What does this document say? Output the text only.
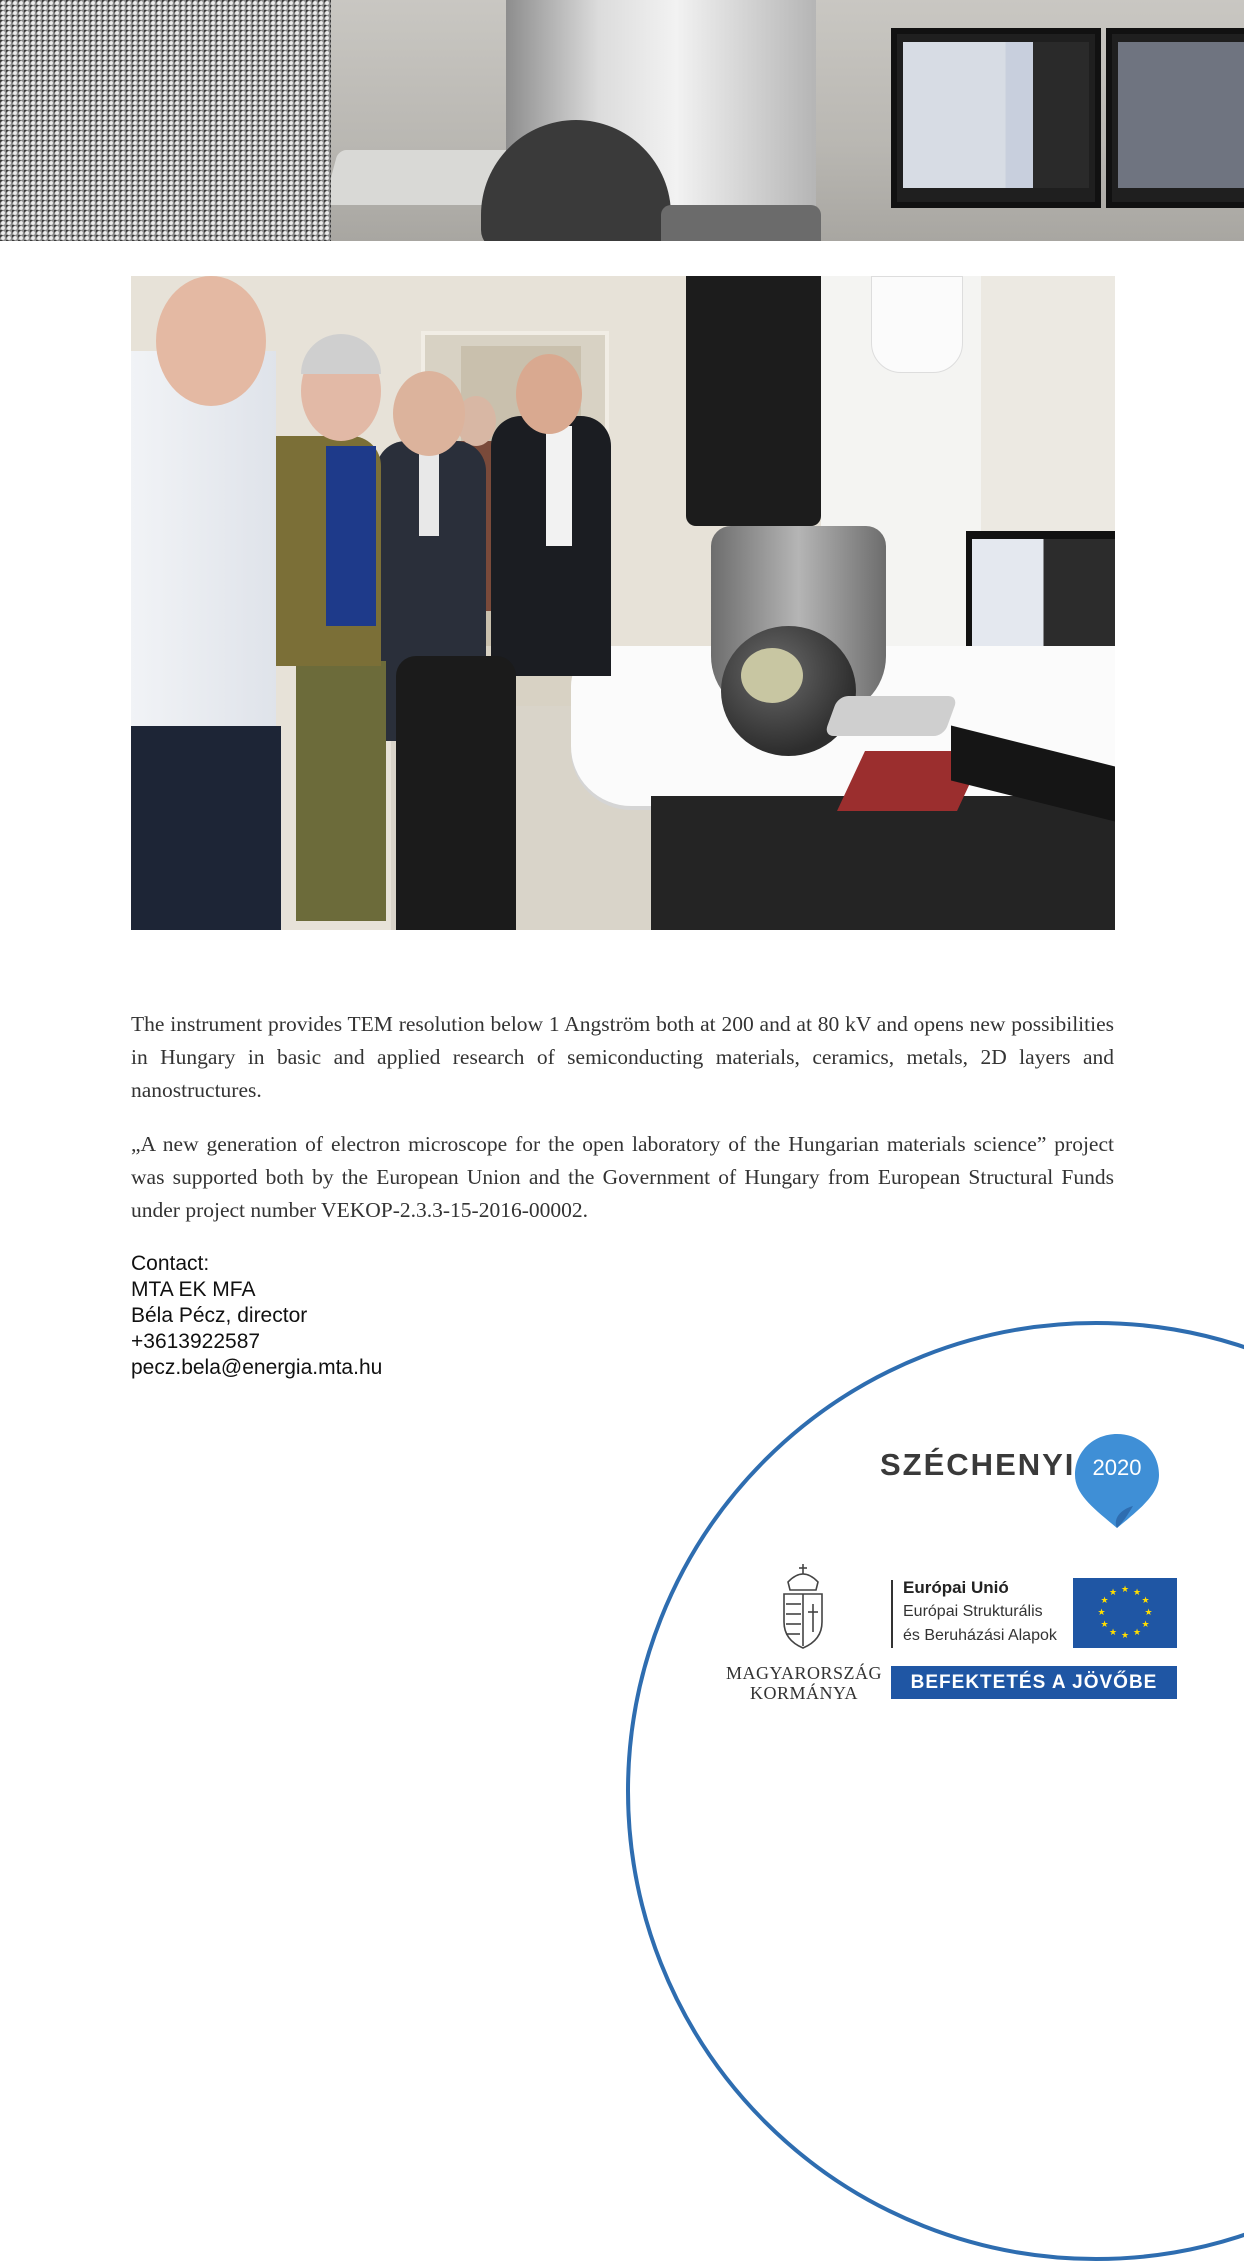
The instrument provides TEM resolution below 1 Angström both at 200 and at 80 kV and opens new possibilities in Hungary in basic and applied research of semiconducting materials, ceramics, metals, 2D layers and nanostructures.

„A new generation of electron microscope for the open laboratory of the Hungarian materials science” project was supported both by the European Union and the Government of Hungary from European Structural Funds under project number VEKOP-2.3.3-15-2016-00002.

Contact:
MTA EK MFA
Béla Pécz, director
+3613922587
pecz.bela@energia.mta.hu
SZÉCHENYI 2020
MAGYARORSZÁG
KORMÁNYA
Európai Unió
Európai Strukturális
és Beruházási Alapok
★ ★
★
★
★
★
★
★
★
★
★
★
BEFEKTETÉS A JÖVŐBE
